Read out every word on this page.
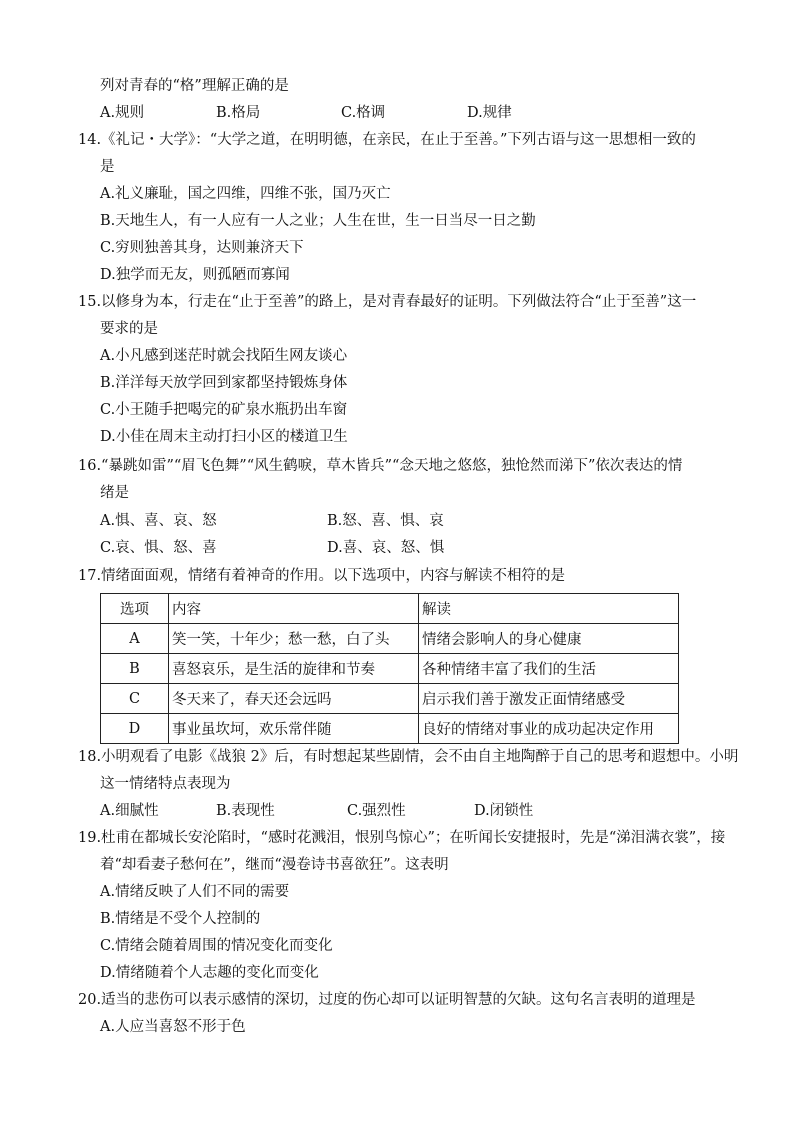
列对青春的“格”理解正确的是
A.规则	B.格局	C.格调	D.规律
14.《礼记・大学》：“大学之道，在明明德，在亲民，在止于至善。”下列古语与这一思想相一致的
是
A.礼义廉耻，国之四维，四维不张，国乃灭亡
B.天地生人，有一人应有一人之业；人生在世，生一日当尽一日之勤
C.穷则独善其身，达则兼济天下
D.独学而无友，则孤陋而寡闻
15.以修身为本，行走在“止于至善”的路上，是对青春最好的证明。下列做法符合“止于至善”这一
要求的是
A.小凡感到迷茫时就会找陌生网友谈心
B.洋洋每天放学回到家都坚持锻炼身体
C.小王随手把喝完的矿泉水瓶扔出车窗
D.小佳在周末主动打扫小区的楼道卫生
16.“暴跳如雷”“眉飞色舞”“风生鹤唳，草木皆兵”“念天地之悠悠，独怆然而涕下”依次表达的情
绪是
A.惧、喜、哀、怒	B.怒、喜、惧、哀
C.哀、惧、怒、喜	D.喜、哀、怒、惧
17.情绪面面观，情绪有着神奇的作用。以下选项中，内容与解读不相符的是
选项	内容	解读
A	笑一笑，十年少；愁一愁，白了头	情绪会影响人的身心健康
B	喜怒哀乐，是生活的旋律和节奏	各种情绪丰富了我们的生活
C	冬天来了，春天还会远吗	启示我们善于激发正面情绪感受
D	事业虽坎坷，欢乐常伴随	良好的情绪对事业的成功起决定作用
18.小明观看了电影《战狼 2》后，有时想起某些剧情，会不由自主地陶醉于自己的思考和遐想中。小明
这一情绪特点表现为
A.细腻性	B.表现性	C.强烈性	D.闭锁性
19.杜甫在都城长安沦陷时，“感时花溅泪，恨别鸟惊心”；在听闻长安捷报时，先是“涕泪满衣裳”，接
着“却看妻子愁何在”，继而“漫卷诗书喜欲狂”。这表明
A.情绪反映了人们不同的需要
B.情绪是不受个人控制的
C.情绪会随着周围的情况变化而变化
D.情绪随着个人志趣的变化而变化
20.适当的悲伤可以表示感情的深切，过度的伤心却可以证明智慧的欠缺。这句名言表明的道理是
A.人应当喜怒不形于色
